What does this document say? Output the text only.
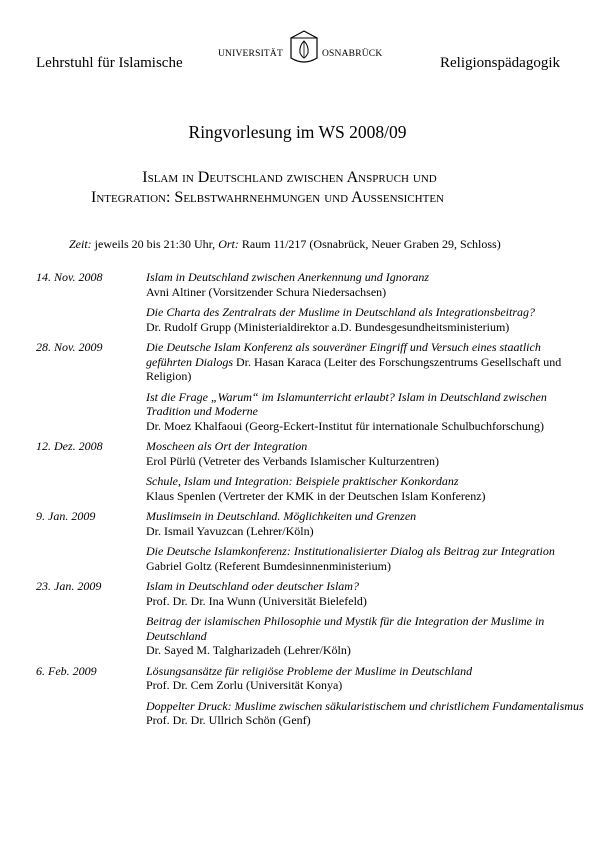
Lehrstuhl für Islamische
UNIVERSITÄT	OSNABRÜCK
Religionspädagogik
Ringvorlesung im WS 2008/09
Islam in Deutschland zwischen Anspruch und
Integration: Selbstwahrnehmungen und Außensichten
Zeit: jeweils 20 bis 21:30 Uhr, Ort: Raum 11/217 (Osnabrück, Neuer Graben 29, Schloss)
14. Nov. 2008	Islam in Deutschland zwischen Anerkennung und Ignoranz
Avni Altiner (Vorsitzender Schura Niedersachsen)
Die Charta des Zentralrats der Muslime in Deutschland als Integrationsbeitrag?
Dr. Rudolf Grupp (Ministerialdirektor a.D. Bundesgesundheitsministerium)
28. Nov. 2009	Die Deutsche Islam Konferenz als souveräner Eingriff und Versuch eines staatlich geführten Dialogs Dr. Hasan Karaca (Leiter des Forschungszentrums Gesellschaft und Religion)
Ist die Frage „Warum“ im Islamunterricht erlaubt? Islam in Deutschland zwischen Tradition und Moderne
Dr. Moez Khalfaoui (Georg-Eckert-Institut für internationale Schulbuchforschung)
12. Dez. 2008	Moscheen als Ort der Integration
Erol Pürlü (Vetreter des Verbands Islamischer Kulturzentren)
Schule, Islam und Integration: Beispiele praktischer Konkordanz
Klaus Spenlen (Vertreter der KMK in der Deutschen Islam Konferenz)
9. Jan. 2009	Muslimsein in Deutschland. Möglichkeiten und Grenzen
Dr. Ismail Yavuzcan (Lehrer/Köln)
Die Deutsche Islamkonferenz: Institutionalisierter Dialog als Beitrag zur Integration
Gabriel Goltz (Referent Bumdesinnenministerium)
23. Jan. 2009	Islam in Deutschland oder deutscher Islam?
Prof. Dr. Dr. Ina Wunn (Universität Bielefeld)
Beitrag der islamischen Philosophie und Mystik für die Integration der Muslime in Deutschland
Dr. Sayed M. Talgharizadeh (Lehrer/Köln)
6. Feb. 2009	Lösungsansätze für religiöse Probleme der Muslime in Deutschland
Prof. Dr. Cem Zorlu (Universität Konya)
Doppelter Druck: Muslime zwischen säkularistischem und christlichem Fundamentalismus
Prof. Dr. Dr. Ullrich Schön (Genf)
